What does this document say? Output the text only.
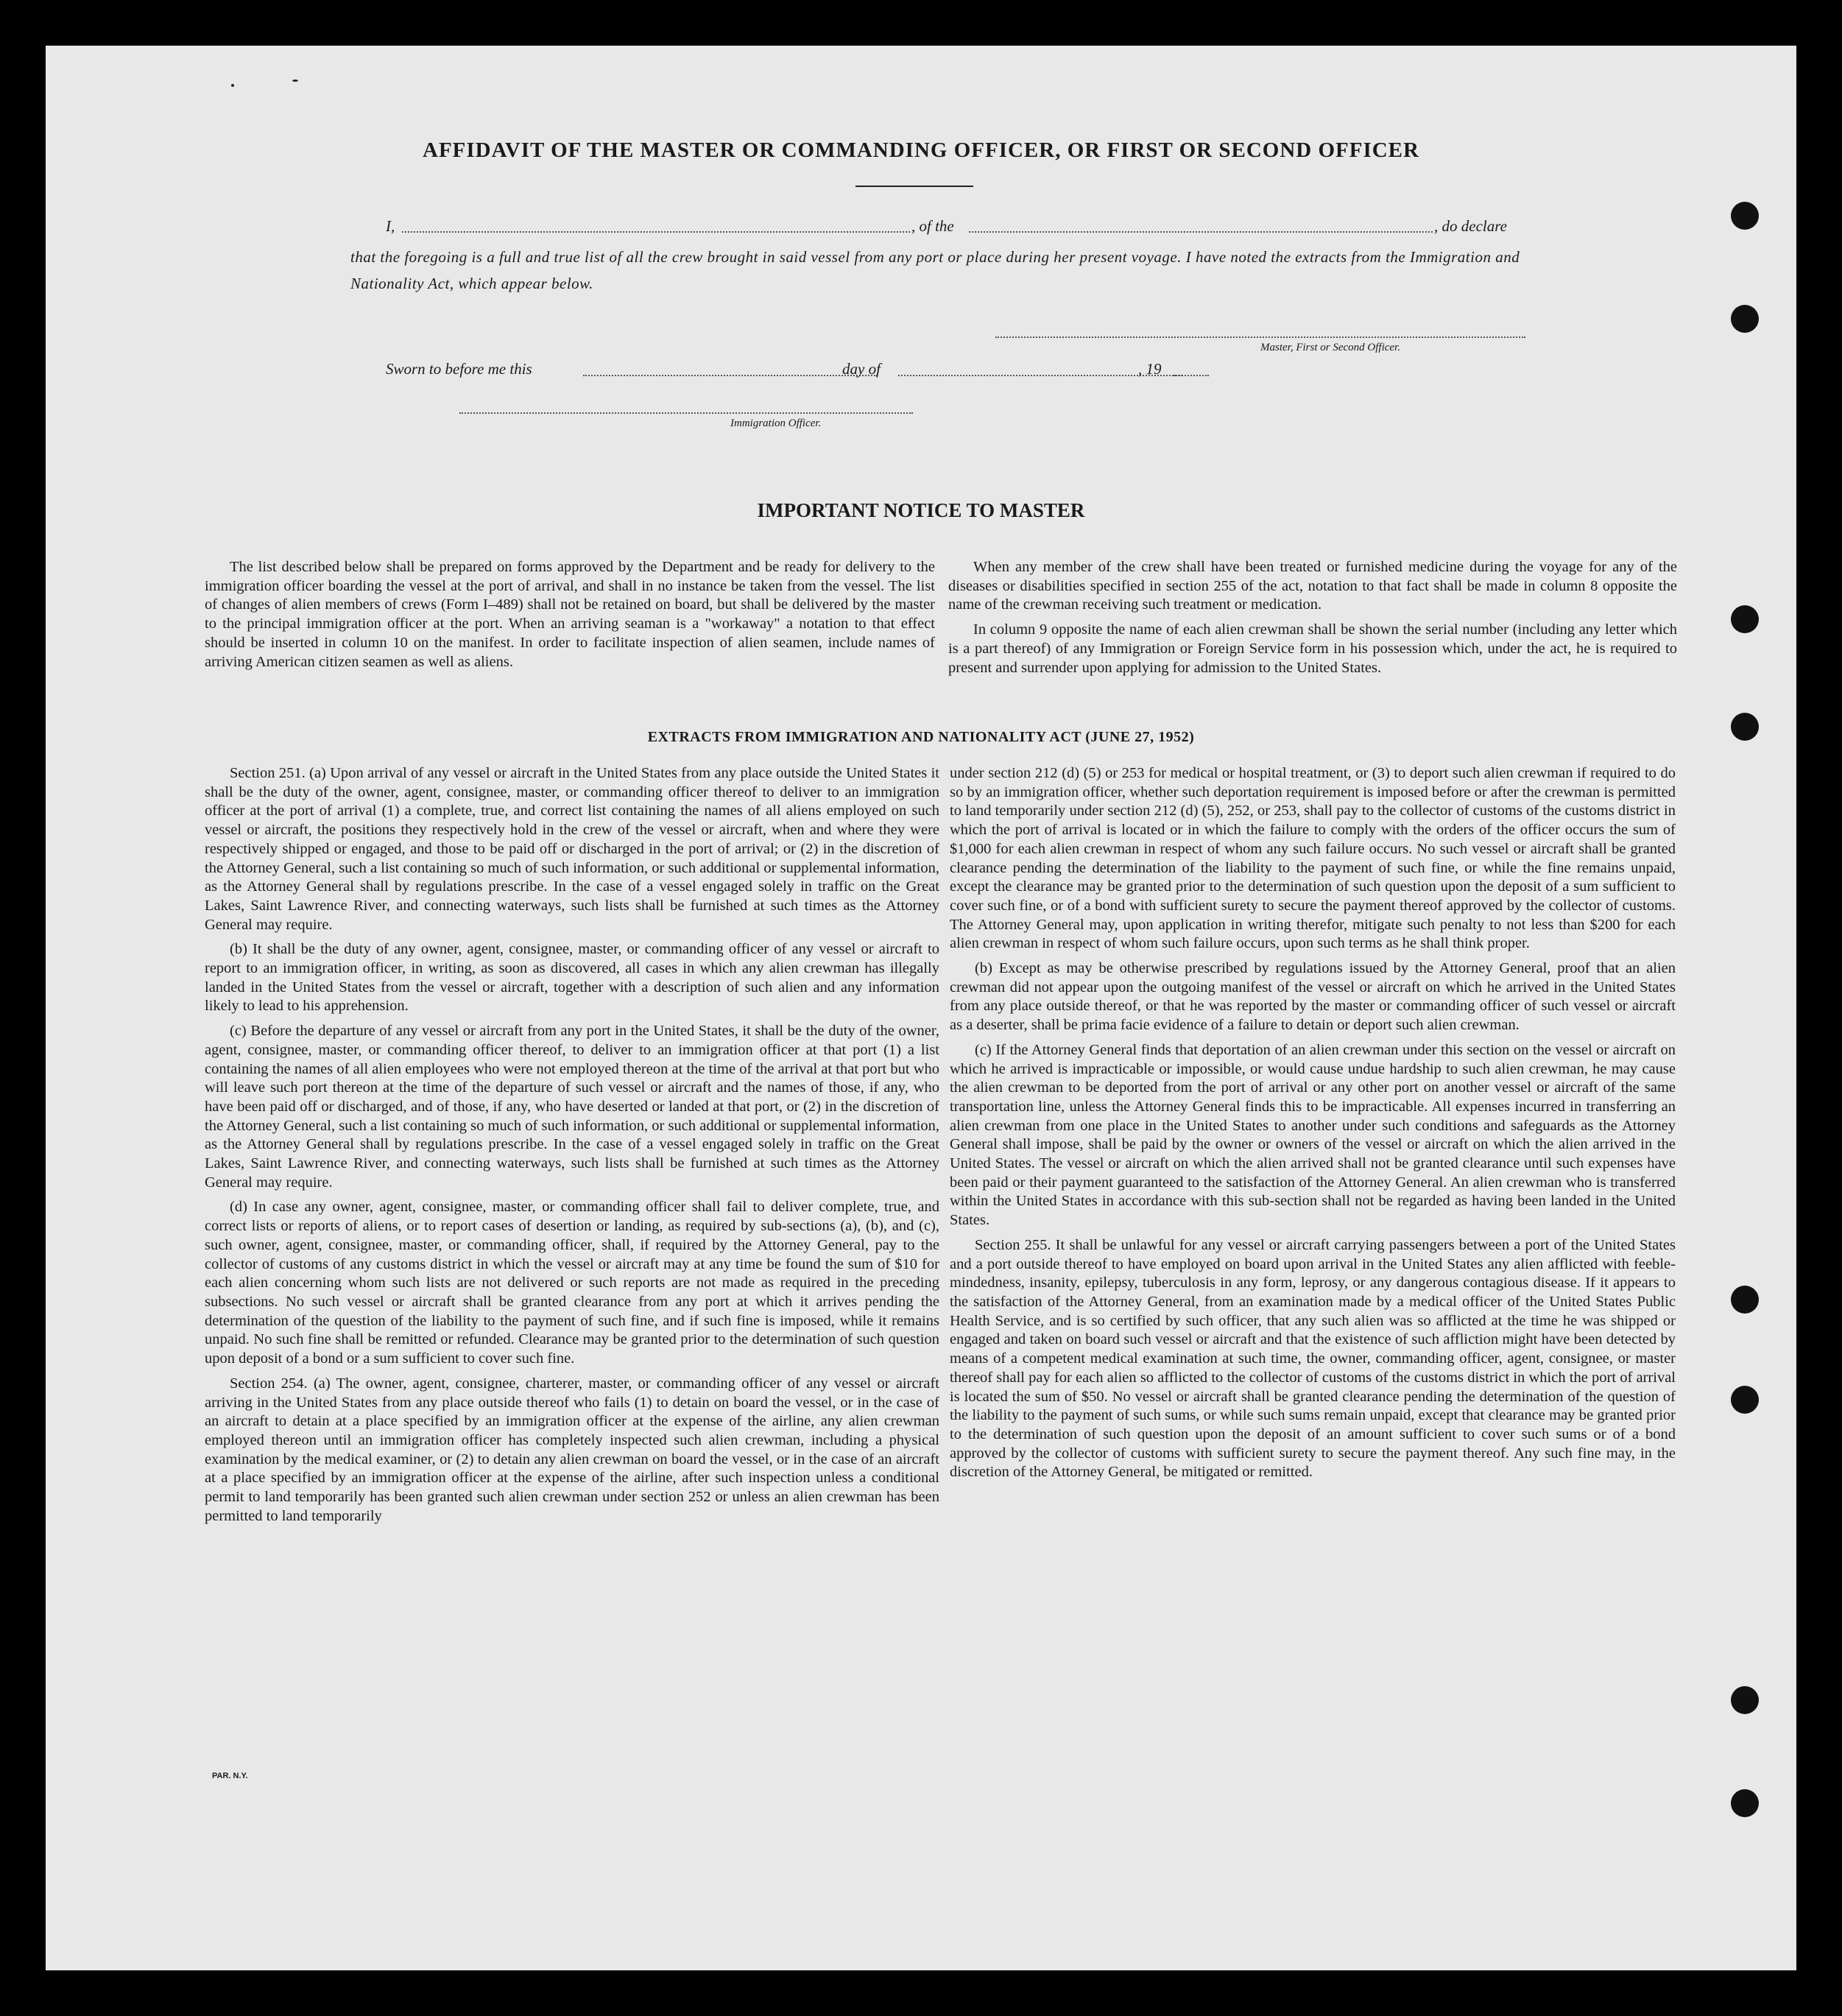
AFFIDAVIT OF THE MASTER OR COMMANDING OFFICER, OR FIRST OR SECOND OFFICER
I,	, of the	, do declare
that the foregoing is a full and true list of all the crew brought in said vessel from any port or place during her present voyage. I have noted the extracts from the Immigration and Nationality Act, which appear below.
Master, First or Second Officer.
Sworn to before me this	day of	, 19
Immigration Officer.
IMPORTANT NOTICE TO MASTER

The list described below shall be prepared on forms approved by the Department and be ready for delivery to the immigration officer boarding the vessel at the port of arrival, and shall in no instance be taken from the vessel. The list of changes of alien members of crews (Form I–489) shall not be retained on board, but shall be delivered by the master to the principal immigration officer at the port. When an arriving seaman is a "workaway" a notation to that effect should be inserted in column 10 on the manifest. In order to facilitate inspection of alien seamen, include names of arriving American citizen seamen as well as aliens.

When any member of the crew shall have been treated or furnished medicine during the voyage for any of the diseases or disabilities specified in section 255 of the act, notation to that fact shall be made in column 8 opposite the name of the crewman receiving such treatment or medication.

In column 9 opposite the name of each alien crewman shall be shown the serial number (including any letter which is a part thereof) of any Immigration or Foreign Service form in his possession which, under the act, he is required to present and surrender upon applying for admission to the United States.

EXTRACTS FROM IMMIGRATION AND NATIONALITY ACT (JUNE 27, 1952)

Section 251. (a) Upon arrival of any vessel or aircraft in the United States from any place outside the United States it shall be the duty of the owner, agent, consignee, master, or commanding officer thereof to deliver to an immigration officer at the port of arrival (1) a complete, true, and correct list containing the names of all aliens employed on such vessel or aircraft, the positions they respectively hold in the crew of the vessel or aircraft, when and where they were respectively shipped or engaged, and those to be paid off or discharged in the port of arrival; or (2) in the discretion of the Attorney General, such a list containing so much of such information, or such additional or supplemental information, as the Attorney General shall by regulations prescribe. In the case of a vessel engaged solely in traffic on the Great Lakes, Saint Lawrence River, and connecting waterways, such lists shall be furnished at such times as the Attorney General may require.

(b) It shall be the duty of any owner, agent, consignee, master, or commanding officer of any vessel or aircraft to report to an immigration officer, in writing, as soon as discovered, all cases in which any alien crewman has illegally landed in the United States from the vessel or aircraft, together with a description of such alien and any information likely to lead to his apprehension.

(c) Before the departure of any vessel or aircraft from any port in the United States, it shall be the duty of the owner, agent, consignee, master, or commanding officer thereof, to deliver to an immigration officer at that port (1) a list containing the names of all alien employees who were not employed thereon at the time of the arrival at that port but who will leave such port thereon at the time of the departure of such vessel or aircraft and the names of those, if any, who have been paid off or discharged, and of those, if any, who have deserted or landed at that port, or (2) in the discretion of the Attorney General, such a list containing so much of such information, or such additional or supplemental information, as the Attorney General shall by regulations prescribe. In the case of a vessel engaged solely in traffic on the Great Lakes, Saint Lawrence River, and connecting waterways, such lists shall be furnished at such times as the Attorney General may require.

(d) In case any owner, agent, consignee, master, or commanding officer shall fail to deliver complete, true, and correct lists or reports of aliens, or to report cases of desertion or landing, as required by sub-sections (a), (b), and (c), such owner, agent, consignee, master, or commanding officer, shall, if required by the Attorney General, pay to the collector of customs of any customs district in which the vessel or aircraft may at any time be found the sum of $10 for each alien concerning whom such lists are not delivered or such reports are not made as required in the preceding subsections. No such vessel or aircraft shall be granted clearance from any port at which it arrives pending the determination of the question of the liability to the payment of such fine, and if such fine is imposed, while it remains unpaid. No such fine shall be remitted or refunded. Clearance may be granted prior to the determination of such question upon deposit of a bond or a sum sufficient to cover such fine.

Section 254. (a) The owner, agent, consignee, charterer, master, or commanding officer of any vessel or aircraft arriving in the United States from any place outside thereof who fails (1) to detain on board the vessel, or in the case of an aircraft to detain at a place specified by an immigration officer at the expense of the airline, any alien crewman employed thereon until an immigration officer has completely inspected such alien crewman, including a physical examination by the medical examiner, or (2) to detain any alien crewman on board the vessel, or in the case of an aircraft at a place specified by an immigration officer at the expense of the airline, after such inspection unless a conditional permit to land temporarily has been granted such alien crewman under section 252 or unless an alien crewman has been permitted to land temporarily

under section 212 (d) (5) or 253 for medical or hospital treatment, or (3) to deport such alien crewman if required to do so by an immigration officer, whether such deportation requirement is imposed before or after the crewman is permitted to land temporarily under section 212 (d) (5), 252, or 253, shall pay to the collector of customs of the customs district in which the port of arrival is located or in which the failure to comply with the orders of the officer occurs the sum of $1,000 for each alien crewman in respect of whom any such failure occurs. No such vessel or aircraft shall be granted clearance pending the determination of the liability to the payment of such fine, or while the fine remains unpaid, except the clearance may be granted prior to the determination of such question upon the deposit of a sum sufficient to cover such fine, or of a bond with sufficient surety to secure the payment thereof approved by the collector of customs. The Attorney General may, upon application in writing therefor, mitigate such penalty to not less than $200 for each alien crewman in respect of whom such failure occurs, upon such terms as he shall think proper.

(b) Except as may be otherwise prescribed by regulations issued by the Attorney General, proof that an alien crewman did not appear upon the outgoing manifest of the vessel or aircraft on which he arrived in the United States from any place outside thereof, or that he was reported by the master or commanding officer of such vessel or aircraft as a deserter, shall be prima facie evidence of a failure to detain or deport such alien crewman.

(c) If the Attorney General finds that deportation of an alien crewman under this section on the vessel or aircraft on which he arrived is impracticable or impossible, or would cause undue hardship to such alien crewman, he may cause the alien crewman to be deported from the port of arrival or any other port on another vessel or aircraft of the same transportation line, unless the Attorney General finds this to be impracticable. All expenses incurred in transferring an alien crewman from one place in the United States to another under such conditions and safeguards as the Attorney General shall impose, shall be paid by the owner or owners of the vessel or aircraft on which the alien arrived in the United States. The vessel or aircraft on which the alien arrived shall not be granted clearance until such expenses have been paid or their payment guaranteed to the satisfaction of the Attorney General. An alien crewman who is transferred within the United States in accordance with this sub-section shall not be regarded as having been landed in the United States.

Section 255. It shall be unlawful for any vessel or aircraft carrying passengers between a port of the United States and a port outside thereof to have employed on board upon arrival in the United States any alien afflicted with feeble-mindedness, insanity, epilepsy, tuberculosis in any form, leprosy, or any dangerous contagious disease. If it appears to the satisfaction of the Attorney General, from an examination made by a medical officer of the United States Public Health Service, and is so certified by such officer, that any such alien was so afflicted at the time he was shipped or engaged and taken on board such vessel or aircraft and that the existence of such affliction might have been detected by means of a competent medical examination at such time, the owner, commanding officer, agent, consignee, or master thereof shall pay for each alien so afflicted to the collector of customs of the customs district in which the port of arrival is located the sum of $50. No vessel or aircraft shall be granted clearance pending the determination of the question of the liability to the payment of such sums, or while such sums remain unpaid, except that clearance may be granted prior to the determination of such question upon the deposit of an amount sufficient to cover such sums or of a bond approved by the collector of customs with sufficient surety to secure the payment thereof. Any such fine may, in the discretion of the Attorney General, be mitigated or remitted.

PAR. N.Y.
